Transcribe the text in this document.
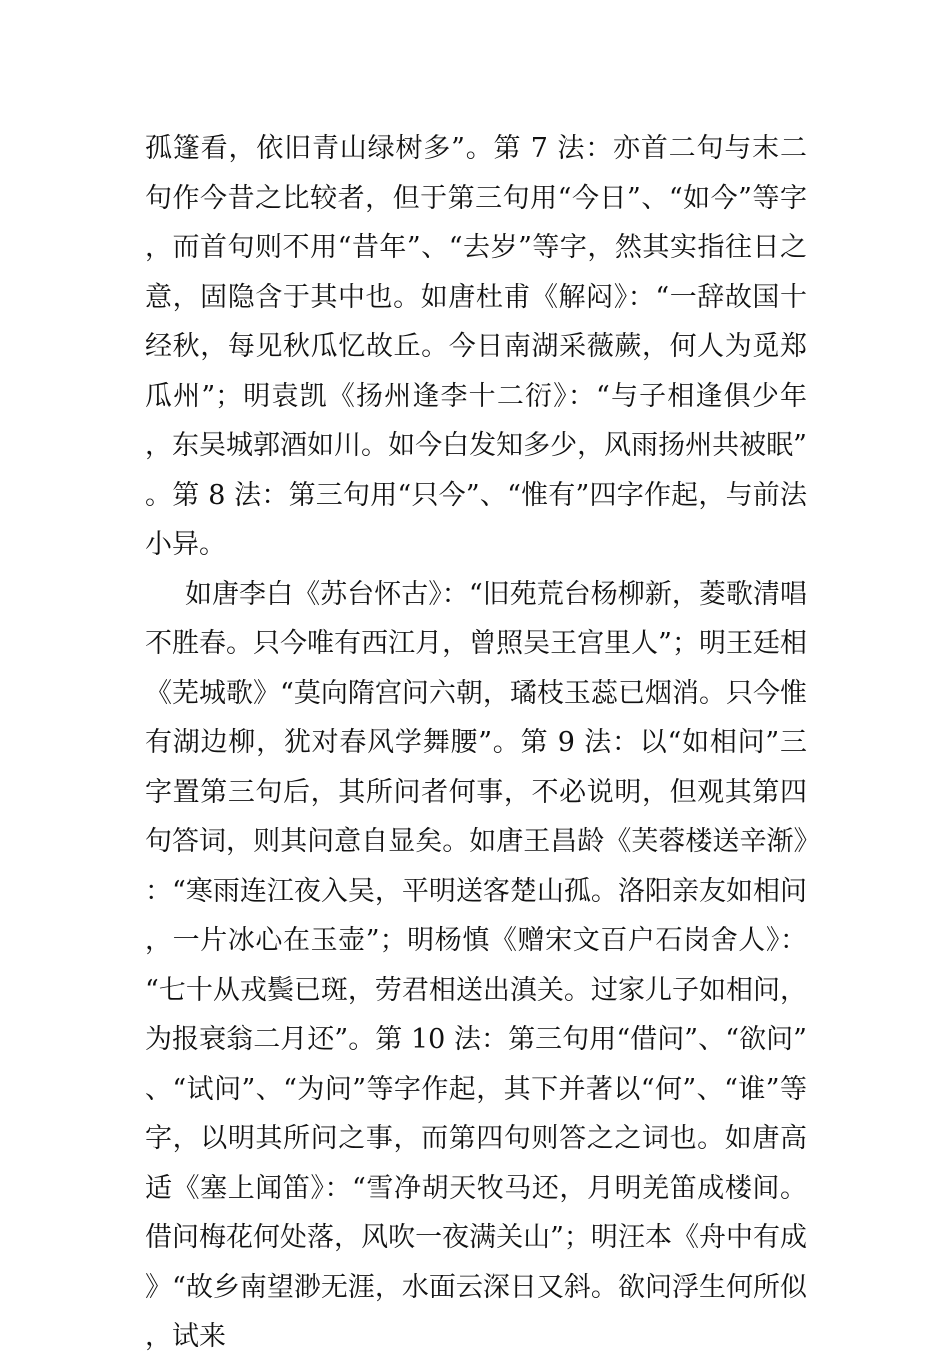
孤篷看，依旧青山绿树多”。第 7 法：亦首二句与末二句作今昔之比较者，但于第三句用“今日”、“如今”等字，而首句则不用“昔年”、“去岁”等字，然其实指往日之意，固隐含于其中也。如唐杜甫《解闷》：“一辞故国十经秋，每见秋瓜忆故丘。今日南湖采薇蕨，何人为觅郑瓜州”；明袁凯《扬州逢李十二衍》：“与子相逢俱少年，东吴城郭酒如川。如今白发知多少，风雨扬州共被眠”。第 8 法：第三句用“只今”、“惟有”四字作起，与前法小异。

如唐李白《苏台怀古》：“旧苑荒台杨柳新，菱歌清唱不胜春。只今唯有西江月，曾照吴王宫里人”；明王廷相《芜城歌》“莫向隋宫问六朝，璚枝玉蕊已烟消。只今惟有湖边柳，犹对春风学舞腰”。第 9 法：以“如相问”三字置第三句后，其所问者何事，不必说明，但观其第四句答词，则其问意自显矣。如唐王昌龄《芙蓉楼送辛渐》：“寒雨连江夜入吴，平明送客楚山孤。洛阳亲友如相问，一片冰心在玉壶”；明杨慎《赠宋文百户石岗舍人》：“七十从戎鬓已斑，劳君相送出滇关。过家儿子如相问，为报衰翁二月还”。第 10 法：第三句用“借问”、“欲问”、“试问”、“为问”等字作起，其下并著以“何”、“谁”等字，以明其所问之事，而第四句则答之之词也。如唐高适《塞上闻笛》：“雪净胡天牧马还，月明羌笛成楼间。借问梅花何处落，风吹一夜满关山”；明汪本《舟中有成》“故乡南望渺无涯，水面云深日又斜。欲问浮生何所似，试来
